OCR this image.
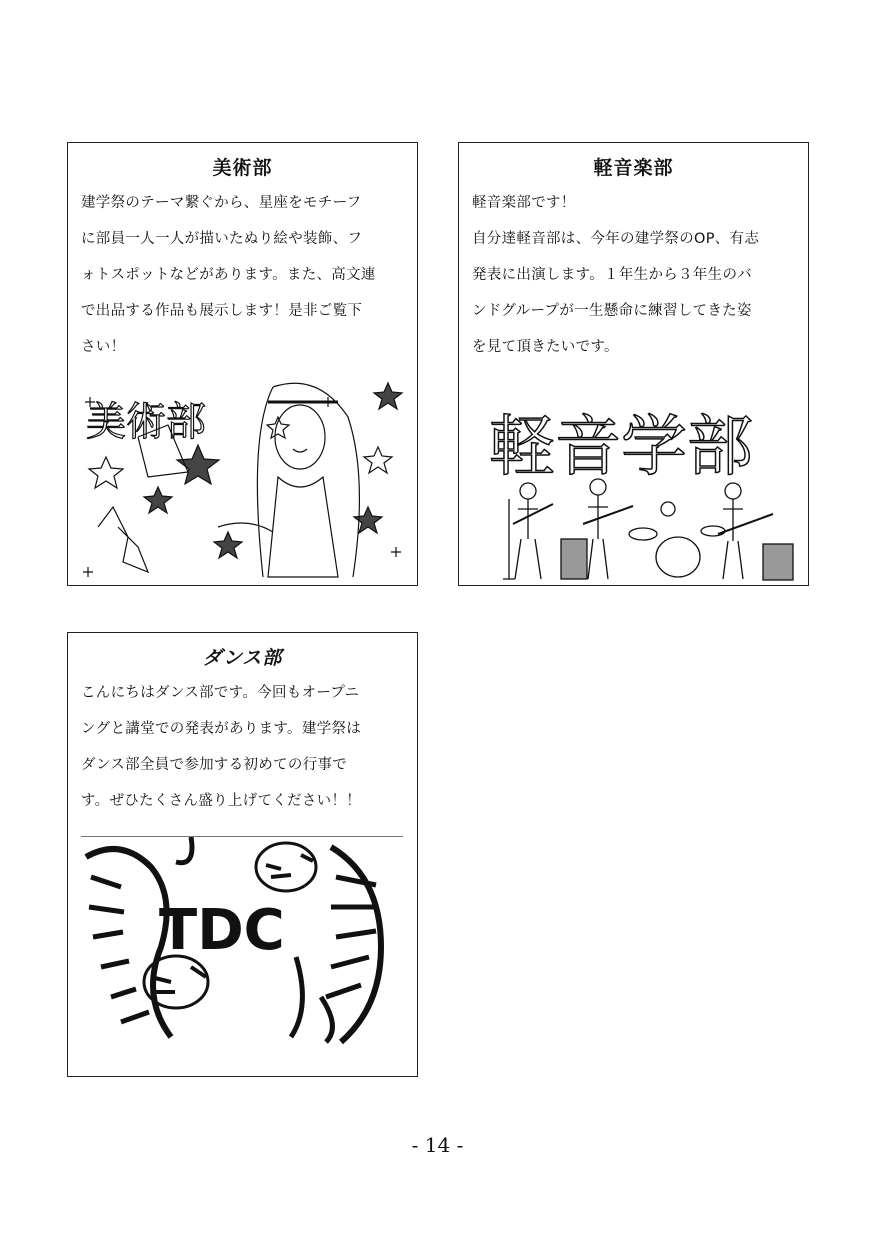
美術部
建学祭のテーマ繋ぐから、星座をモチーフ
に部員一人一人が描いたぬり絵や装飾、フ
ォトスポットなどがあります。また、高文連
で出品する作品も展示します！是非ご覧下
さい！
美術部
軽音楽部
軽音楽部です！
自分達軽音部は、今年の建学祭のOP、有志
発表に出演します。１年生から３年生のバ
ンドグループが一生懸命に練習してきた姿
を見て頂きたいです。
軽音学部
ダンス部
こんにちはダンス部です。今回もオープニ
ングと講堂での発表があります。建学祭は
ダンス部全員で参加する初めての行事で
す。ぜひたくさん盛り上げてください！！
TDC
- 14 -
